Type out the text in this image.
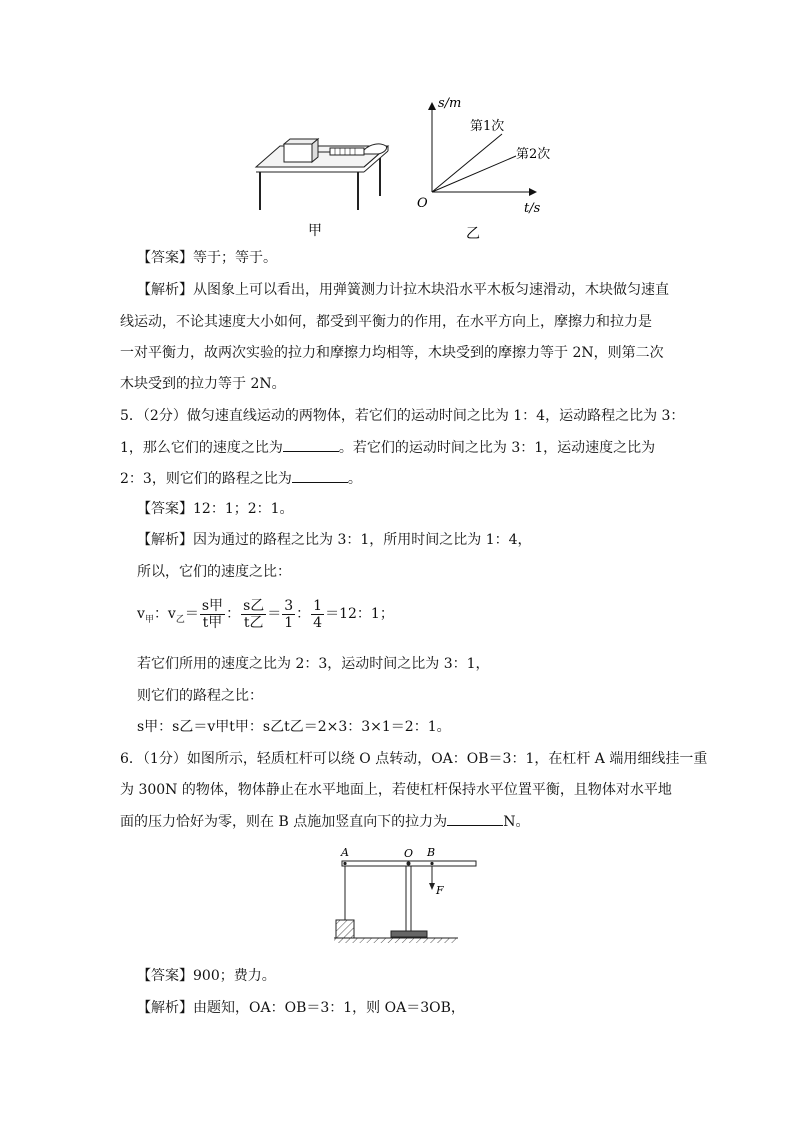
甲
s/m
t/s
O
第1次
第2次
乙
【答案】等于；等于。
【解析】从图象上可以看出，用弹簧测力计拉木块沿水平木板匀速滑动，木块做匀速直
线运动，不论其速度大小如何，都受到平衡力的作用，在水平方向上，摩擦力和拉力是
一对平衡力，故两次实验的拉力和摩擦力均相等，木块受到的摩擦力等于 2N，则第二次
木块受到的拉力等于 2N。
5．（2分）做匀速直线运动的两物体，若它们的运动时间之比为 1：4，运动路程之比为 3：
1，那么它们的速度之比为	。若它们的运动时间之比为 3：1，运动速度之比为
2：3，则它们的路程之比为	。
【答案】12：1；2：1。
【解析】因为通过的路程之比为 3：1，所用时间之比为 1：4，
所以，它们的速度之比：
$v_甲$：$v_乙= \frac{\text{s甲}}{\text{t甲}}$ ： $\frac{\text{s乙}}{\text{t乙}} = \frac{3}{1}$ ： $\frac{1}{4} =12$：1；
若它们所用的速度之比为 2：3，运动时间之比为 3：1，
则它们的路程之比：
s甲：s乙＝v甲t甲：s乙t乙＝2×3：3×1＝2：1。
6．（1分）如图所示，轻质杠杆可以绕 O 点转动，OA：OB＝3：1，在杠杆 A 端用细线挂一重
为 300N 的物体，物体静止在水平地面上，若使杠杆保持水平位置平衡，且物体对水平地
面的压力恰好为零，则在 B 点施加竖直向下的拉力为	N。
A	O B
F
【答案】900；费力。
【解析】由题知，OA：OB＝3：1，则 OA＝3OB，
